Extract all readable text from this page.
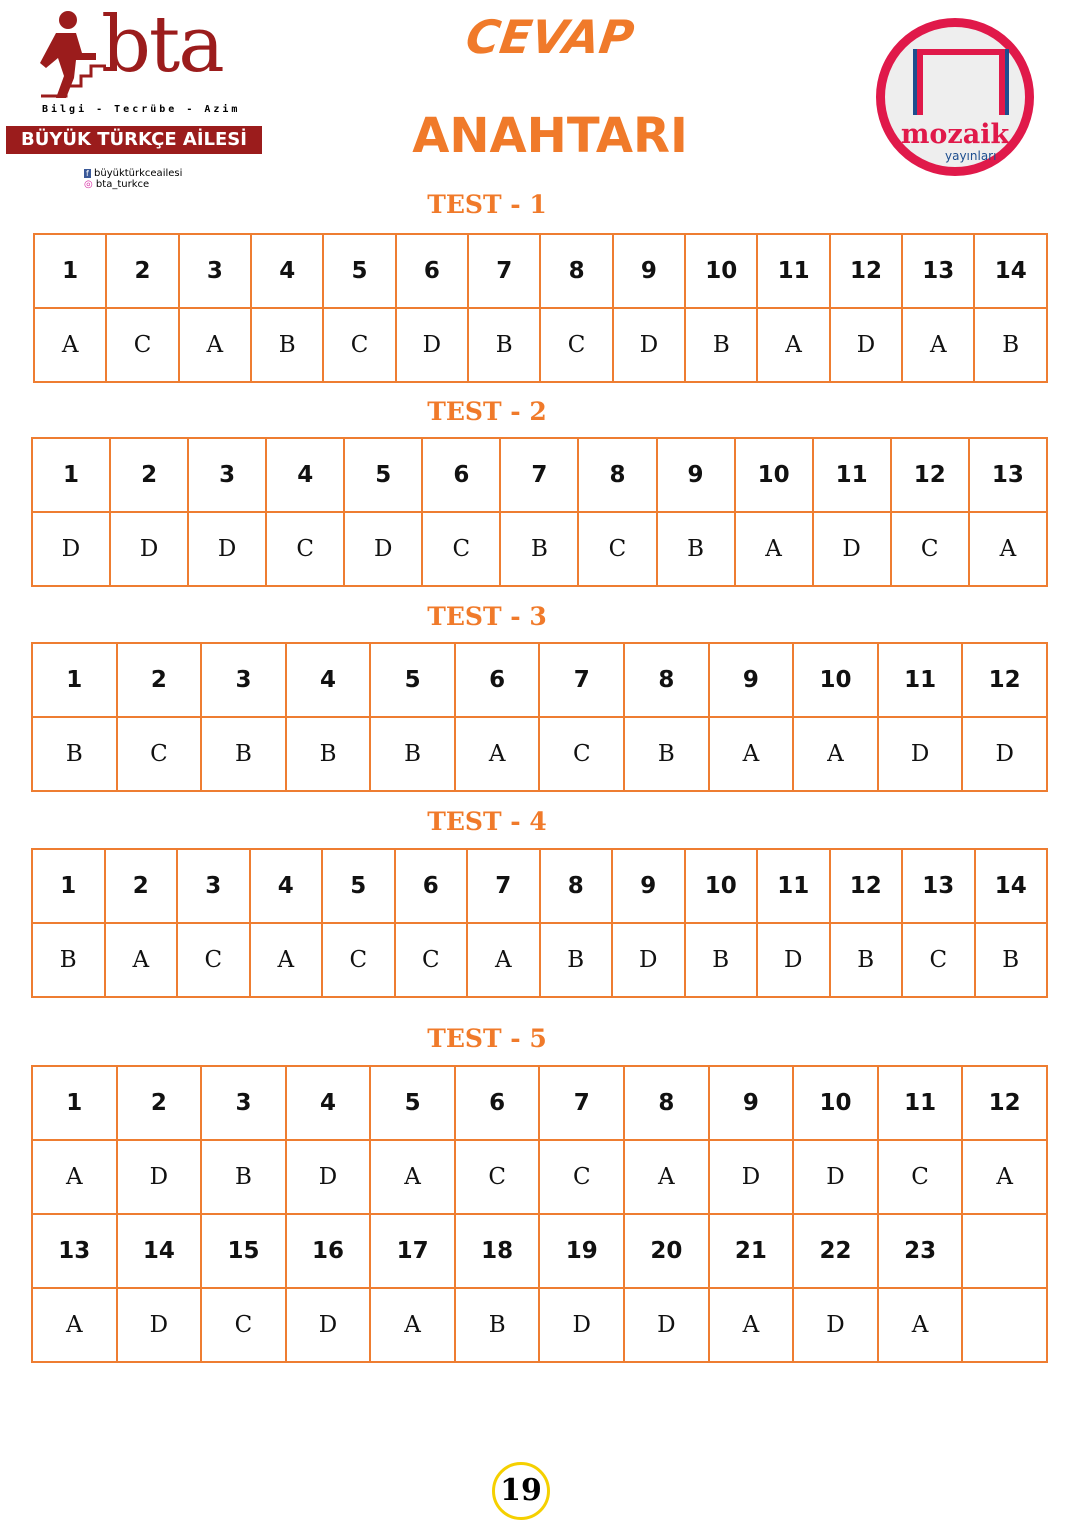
bta
Bilgi - Tecrübe - Azim
BÜYÜK TÜRKÇE AİLESİ
f büyüktürkceailesi
◎ bta_turkce
CEVAP
ANAHTARI	mozaik
yayınları
TEST - 1
1	2	3	4	5	6	7	8	9	10	11	12	13	14
A	C	A	B	C	D	B	C	D	B	A	D	A	B
TEST - 2
1	2	3	4	5	6	7	8	9	10	11	12	13
D	D	D	C	D	C	B	C	B	A	D	C	A
TEST - 3
1	2	3	4	5	6	7	8	9	10	11	12
B	C	B	B	B	A	C	B	A	A	D	D
TEST - 4
1	2	3	4	5	6	7	8	9	10	11	12	13	14
B	A	C	A	C	C	A	B	D	B	D	B	C	B
TEST - 5
1	2	3	4	5	6	7	8	9	10	11	12
A	D	B	D	A	C	C	A	D	D	C	A
13	14	15	16	17	18	19	20	21	22	23	
A	D	C	D	A	B	D	D	A	D	A	
19
